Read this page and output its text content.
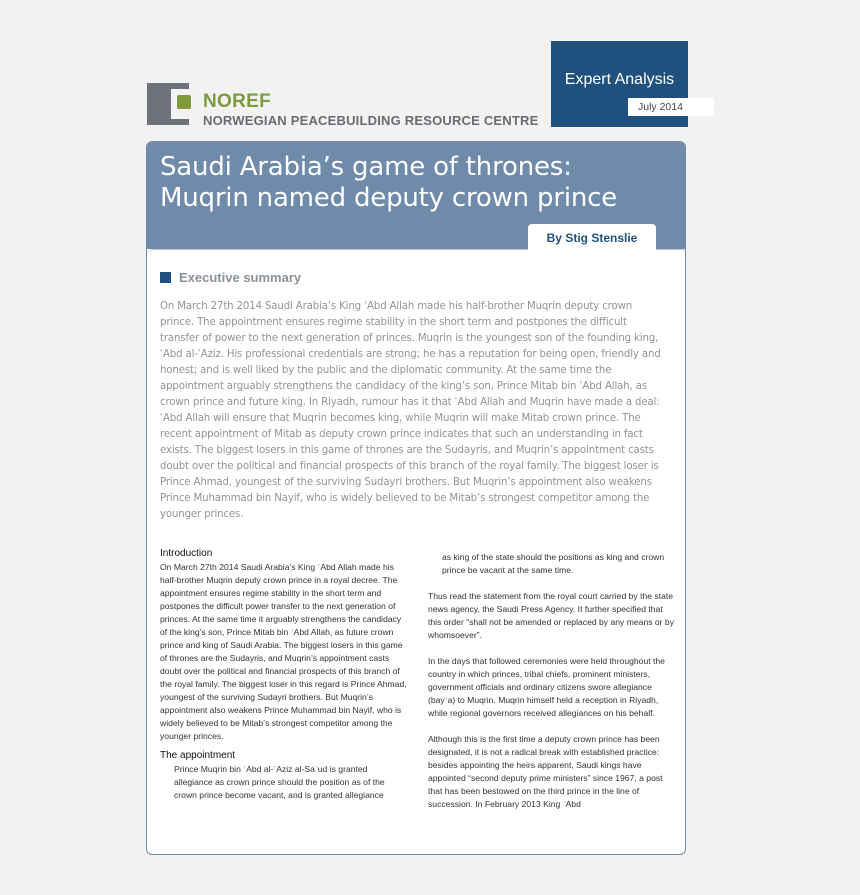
NOREF
NORWEGIAN PEACEBUILDING RESOURCE CENTRE
Expert Analysis
July 2014
Saudi Arabia’s game of thrones:
Muqrin named deputy crown prince
By Stig Stenslie
Executive summary
On March 27th 2014 Saudi Arabia’s King ʿAbd Allah made his half-brother Muqrin deputy crown prince. The appointment ensures regime stability in the short term and postpones the difficult transfer of power to the next generation of princes. Muqrin is the youngest son of the founding king, ʿAbd al-ʿAziz. His professional credentials are strong; he has a reputation for being open, friendly and honest; and is well liked by the public and the diplomatic community. At the same time the appointment arguably strengthens the candidacy of the king’s son, Prince Mitab bin ʿAbd Allah, as crown prince and future king. In Riyadh, rumour has it that ʿAbd Allah and Muqrin have made a deal: ʿAbd Allah will ensure that Muqrin becomes king, while Muqrin will make Mitab crown prince. The recent appointment of Mitab as deputy crown prince indicates that such an understanding in fact exists. The biggest losers in this game of thrones are the Sudayris, and Muqrin’s appointment casts doubt over the political and financial prospects of this branch of the royal family. The biggest loser is Prince Ahmad, youngest of the surviving Sudayri brothers. But Muqrin’s appointment also weakens Prince Muhammad bin Nayif, who is widely believed to be Mitab’s strongest competitor among the younger princes.
Introduction

On March 27th 2014 Saudi Arabia’s King ʿAbd Allah made his half-brother Muqrin deputy crown prince in a royal decree. The appointment ensures regime stability in the short term and postpones the difficult power transfer to the next generation of princes. At the same time it arguably strengthens the candidacy of the king’s son, Prince Mitab bin ʿAbd Allah, as future crown prince and king of Saudi Arabia. The biggest losers in this game of thrones are the Sudayris, and Muqrin’s appointment casts doubt over the political and financial prospects of this branch of the royal family. The biggest loser in this regard is Prince Ahmad, youngest of the surviving Sudayri brothers. But Muqrin’s appointment also weakens Prince Muhammad bin Nayif, who is widely believed to be Mitab’s strongest competitor among the younger princes.

The appointment

Prince Muqrin bin ʿAbd al-ʿAziz al-Saʿud is granted allegiance as crown prince should the position as of the crown prince become vacant, and is granted allegiance

as king of the state should the positions as king and crown prince be vacant at the same time.

Thus read the statement from the royal court carried by the state news agency, the Saudi Press Agency. It further specified that this order “shall not be amended or replaced by any means or by whomsoever”.

In the days that followed ceremonies were held throughout the country in which princes, tribal chiefs, prominent ministers, government officials and ordinary citizens swore allegiance (bayʿa) to Muqrin. Muqrin himself held a reception in Riyadh, while regional governors received allegiances on his behalf.

Although this is the first time a deputy crown prince has been designated, it is not a radical break with established practice: besides appointing the heirs apparent, Saudi kings have appointed “second deputy prime ministers” since 1967, a post that has been bestowed on the third prince in the line of succession. In February 2013 King ʿAbd
